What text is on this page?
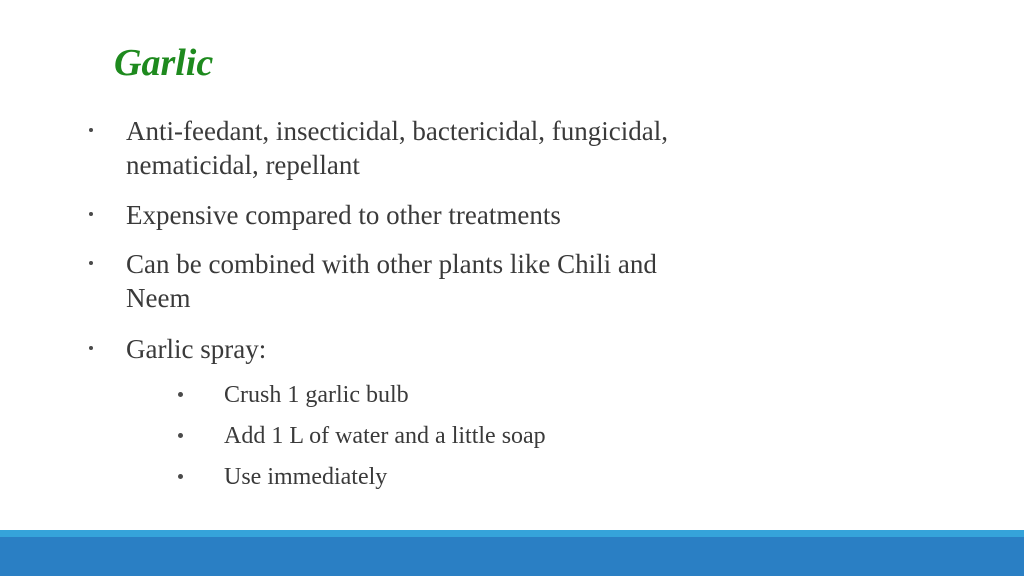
Garlic
Anti-feedant, insecticidal, bactericidal, fungicidal,
nematicidal, repellant
Expensive compared to other treatments
Can be combined with other plants like Chili and
Neem
Garlic spray:
Crush 1 garlic bulb
Add 1 L of water and a little soap
Use immediately
